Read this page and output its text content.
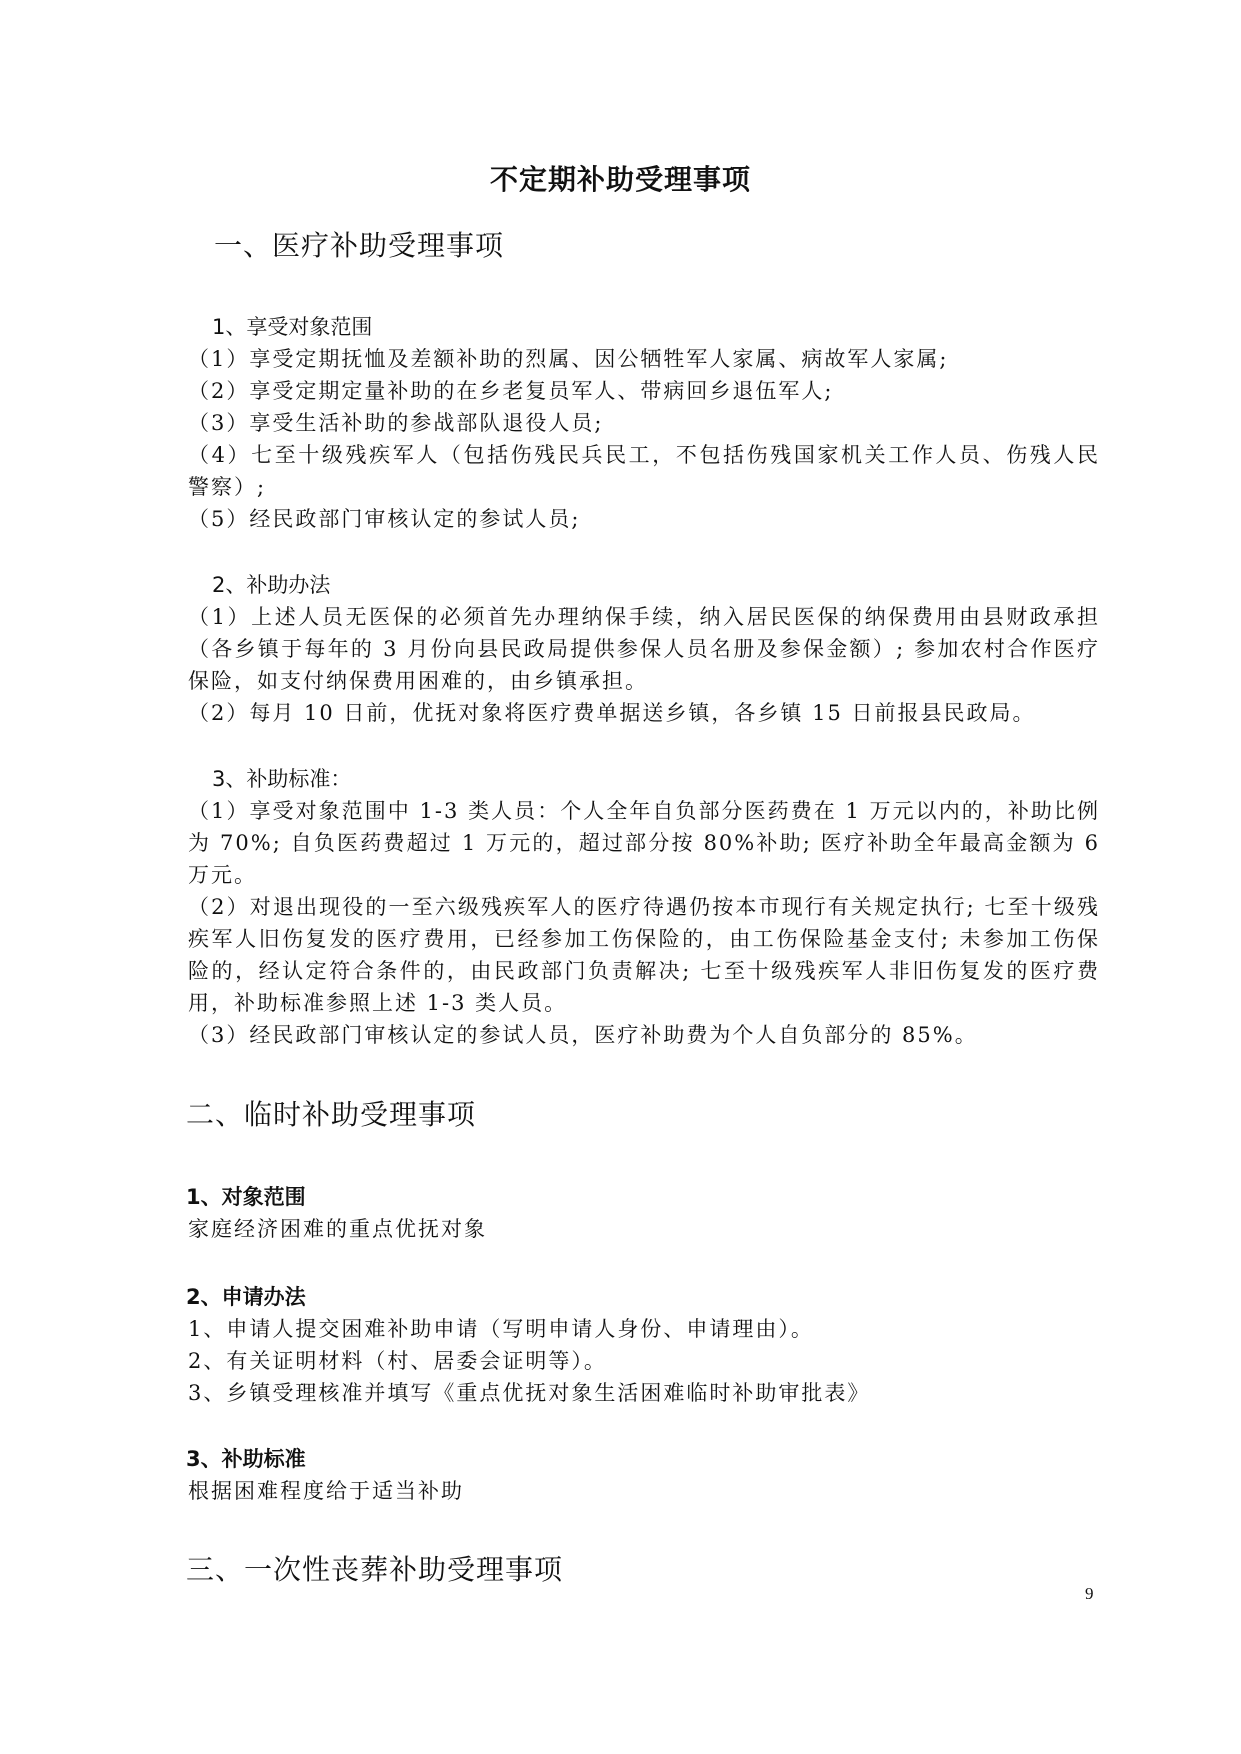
不定期补助受理事项
一、医疗补助受理事项
1、享受对象范围

（1）享受定期抚恤及差额补助的烈属、因公牺牲军人家属、病故军人家属;

（2）享受定期定量补助的在乡老复员军人、带病回乡退伍军人;

（3）享受生活补助的参战部队退役人员;

（4）七至十级残疾军人（包括伤残民兵民工，不包括伤残国家机关工作人员、伤残人民警察）;

（5）经民政部门审核认定的参试人员;

2、补助办法

（1）上述人员无医保的必须首先办理纳保手续，纳入居民医保的纳保费用由县财政承担（各乡镇于每年的 3 月份向县民政局提供参保人员名册及参保金额）; 参加农村合作医疗保险，如支付纳保费用困难的，由乡镇承担。

（2）每月 10 日前，优抚对象将医疗费单据送乡镇，各乡镇 15 日前报县民政局。

3、补助标准：

（1）享受对象范围中 1-3 类人员：个人全年自负部分医药费在 1 万元以内的，补助比例为 70%; 自负医药费超过 1 万元的，超过部分按 80%补助; 医疗补助全年最高金额为 6 万元。

（2）对退出现役的一至六级残疾军人的医疗待遇仍按本市现行有关规定执行; 七至十级残疾军人旧伤复发的医疗费用，已经参加工伤保险的，由工伤保险基金支付; 未参加工伤保险的，经认定符合条件的，由民政部门负责解决; 七至十级残疾军人非旧伤复发的医疗费用，补助标准参照上述 1-3 类人员。

（3）经民政部门审核认定的参试人员，医疗补助费为个人自负部分的 85%。

二、临时补助受理事项
1、对象范围

家庭经济困难的重点优抚对象

2、申请办法

1、申请人提交困难补助申请（写明申请人身份、申请理由）。

2、有关证明材料（村、居委会证明等）。

3、乡镇受理核准并填写《重点优抚对象生活困难临时补助审批表》

3、补助标准

根据困难程度给于适当补助

三、一次性丧葬补助受理事项
9
